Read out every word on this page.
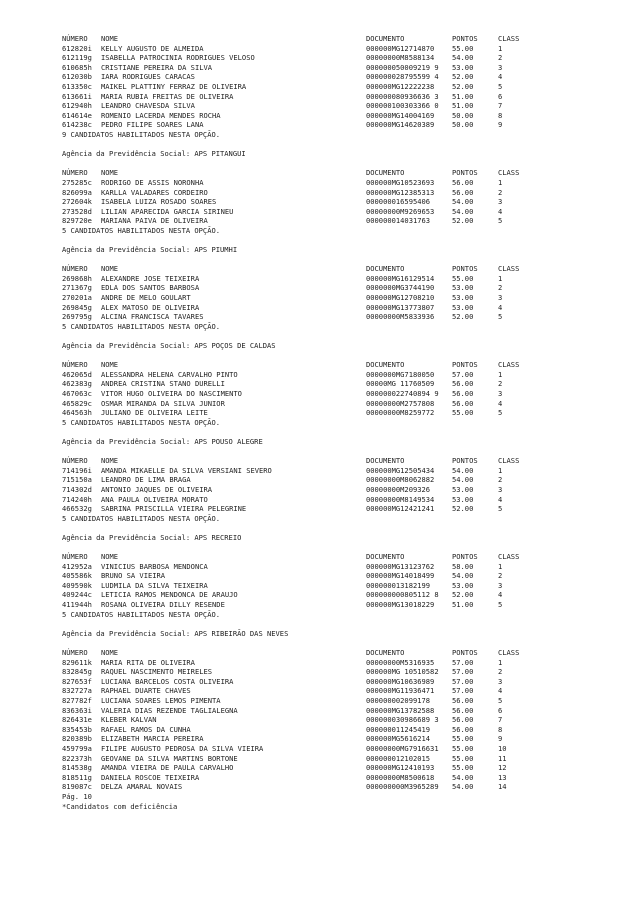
NÚMERO NOME	DOCUMENTO	PONTOS	CLASS
612820i KELLY AUGUSTO DE ALMEIDA	000000MG12714870 55.00	1
612119g ISABELLA PATROCINIA RODRIGUES VELOSO	00000000M8588134 54.00	2
610685h CRISTIANE PEREIRA DA SILVA	000000050009219 9 53.00	3
612030b IARA RODRIGUES CARACAS	000000028795599 4 52.00	4
613350c MAIKEL PLATTINY FERRAZ DE OLIVEIRA	000000MG12222238 52.00	5
613661i MARIA RUBIA FREITAS DE OLIVEIRA	000000080936636 3 51.00	6
612940h LEANDRO CHAVESDA SILVA	000000100303366 0 51.00	7
614614e ROMENIO LACERDA MENDES ROCHA	000000MG14004169 50.00	8
614238c PEDRO FILIPE SOARES LANA	000000MG14620389 50.00	9
9 CANDIDATOS HABILITADOS NESTA OPÇÃO.
Agência da Previdência Social: APS PITANGUI
NÚMERO NOME	DOCUMENTO	PONTOS	CLASS
275285c RODRIGO DE ASSIS NORONHA	000000MG10523693 56.00	1
826099a KARLLA VALADARES CORDEIRO	000000MG12385313 56.00	2
272604k ISABELA LUIZA ROSADO SOARES	000000016595406	54.00	3
273528d LILIAN APARECIDA GARCIA SIRINEU	00000000M9269653 54.00	4
829720e MARIANA PAIVA DE OLIVEIRA	000000014031763	52.00	5
5 CANDIDATOS HABILITADOS NESTA OPÇÃO.
Agência da Previdência Social: APS PIUMHI
NÚMERO NOME	DOCUMENTO	PONTOS	CLASS
269868h ALEXANDRE JOSE TEIXEIRA	000000MG16129514 55.00	1
271367g EDLA DOS SANTOS BARBOSA	0000000MG3744190 53.00	2
270201a ANDRE DE MELO GOULART	000000MG12708210 53.00	3
269845g ALEX MATOSO DE OLIVEIRA	000000MG13773807 53.00	4
269795g ALCINA FRANCISCA TAVARES	00000000M5833936 52.00	5
5 CANDIDATOS HABILITADOS NESTA OPÇÃO.
Agência da Previdência Social: APS POÇOS DE CALDAS
NÚMERO NOME	DOCUMENTO	PONTOS	CLASS
462065d ALESSANDRA HELENA CARVALHO PINTO	0000000MG7180050 57.00	1
462383g ANDREA CRISTINA STANO DURELLI	00000MG 11760509 56.00	2
467063c VITOR HUGO OLIVEIRA DO NASCIMENTO	000000022740894 9 56.00	3
465829c OSMAR MIRANDA DA SILVA JUNIOR	00000000M2757808 56.00	4
464563h JULIANO DE OLIVEIRA LEITE	00000000M8259772 55.00	5
5 CANDIDATOS HABILITADOS NESTA OPÇÃO.
Agência da Previdência Social: APS POUSO ALEGRE
NÚMERO NOME	DOCUMENTO	PONTOS	CLASS
714196i AMANDA MIKAELLE DA SILVA VERSIANI SEVERO	000000MG12505434 54.00	1
715150a LEANDRO DE LIMA BRAGA	00000000M8062882 54.00	2
714302d ANTONIO JAQUES DE OLIVEIRA	00000000M209326	53.00	3
714240h ANA PAULA OLIVEIRA MORATO	00000000M8149534 53.00	4
466532g SABRINA PRISCILLA VIEIRA PELEGRINE	000000MG12421241 52.00	5
5 CANDIDATOS HABILITADOS NESTA OPÇÃO.
Agência da Previdência Social: APS RECREIO
NÚMERO NOME	DOCUMENTO	PONTOS	CLASS
412952a VINICIUS BARBOSA MENDONCA	000000MG13123762 58.00	1
405586k BRUNO SA VIEIRA	000000MG14018499 54.00	2
409590k LUDMILA DA SILVA TEIXEIRA	000000013182199	53.00	3
409244c LETICIA RAMOS MENDONCA DE ARAUJO	000000000805112 8 52.00	4
411944h ROSANA OLIVEIRA DILLY RESENDE	000000MG13018229 51.00	5
5 CANDIDATOS HABILITADOS NESTA OPÇÃO.
Agência da Previdência Social: APS RIBEIRÃO DAS NEVES
NÚMERO NOME	DOCUMENTO	PONTOS	CLASS
829611k MARIA RITA DE OLIVEIRA	00000000M5316935 57.00	1
832845g RAQUEL NASCIMENTO MEIRELES	000000MG 10510582 57.00	2
827653f LUCIANA BARCELOS COSTA OLIVEIRA	000000MG10636989 57.00	3
832727a RAPHAEL DUARTE CHAVES	000000MG11936471 57.00	4
827782f LUCIANA SOARES LEMOS PIMENTA	000000002099178	56.00	5
836363i VALERIA DIAS REZENDE TAGLIALEGNA	000000MG13782588 56.00	6
826431e KLEBER KALVAN	000000030986689 3 56.00	7
835453b RAFAEL RAMOS DA CUNHA	000000011245419	56.00	8
820389b ELIZABETH MARCIA PEREIRA	000000MG5616214	55.00	9
459799a FILIPE AUGUSTO PEDROSA DA SILVA VIEIRA	00000000MG7916631 55.00	10
822373h GEOVANE DA SILVA MARTINS BORTONE	000000012102015	55.00	11
814538g AMANDA VIEIRA DE PAULA CARVALHO	000000MG12410193 55.00	12
818511g DANIELA ROSCOE TEIXEIRA	00000000M8500618 54.00	13
819087c DELZA AMARAL NOVAIS	000000000M3965289 54.00	14
Pág. 10
*Candidatos com deficiência
